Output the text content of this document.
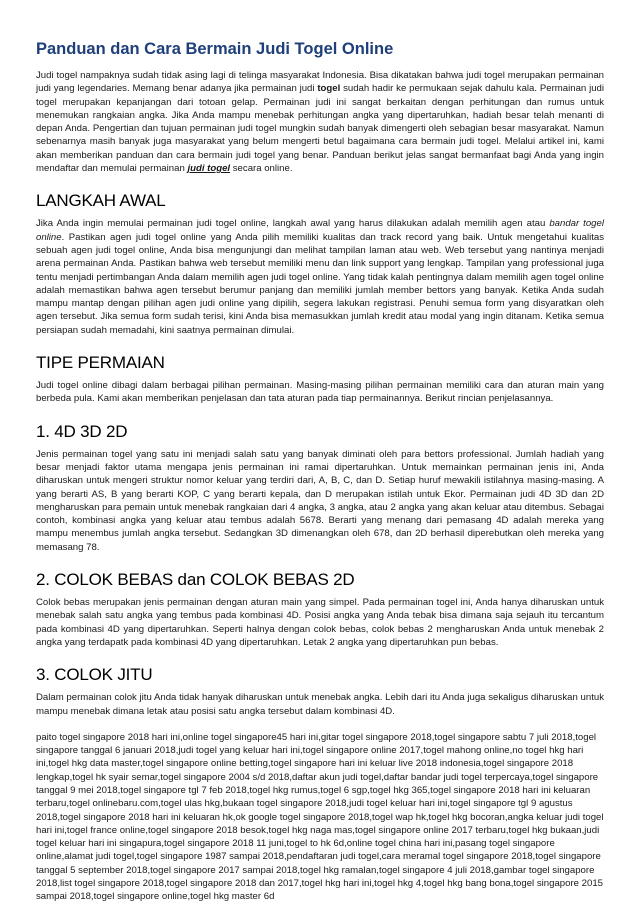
Panduan dan Cara Bermain Judi Togel Online

Judi togel nampaknya sudah tidak asing lagi di telinga masyarakat Indonesia. Bisa dikatakan bahwa judi togel merupakan permainan judi yang legendaries. Memang benar adanya jika permainan judi togel sudah hadir ke permukaan sejak dahulu kala. Permainan judi togel merupakan kepanjangan dari totoan gelap. Permainan judi ini sangat berkaitan dengan perhitungan dan rumus untuk menemukan rangkaian angka. Jika Anda mampu menebak perhitungan angka yang dipertaruhkan, hadiah besar telah menanti di depan Anda. Pengertian dan tujuan permainan judi togel mungkin sudah banyak dimengerti oleh sebagian besar masyarakat. Namun sebenarnya masih banyak juga masyarakat yang belum mengerti betul bagaimana cara bermain judi togel. Melalui artikel ini, kami akan memberikan panduan dan cara bermain judi togel yang benar. Panduan berikut jelas sangat bermanfaat bagi Anda yang ingin mendaftar dan memulai permainan judi togel secara online.

LANGKAH AWAL

Jika Anda ingin memulai permainan judi togel online, langkah awal yang harus dilakukan adalah memilih agen atau bandar togel online. Pastikan agen judi togel online yang Anda pilih memiliki kualitas dan track record yang baik. Untuk mengetahui kualitas sebuah agen judi togel online, Anda bisa mengunjungi dan melihat tampilan laman atau web. Web tersebut yang nantinya menjadi arena permainan Anda. Pastikan bahwa web tersebut memiliki menu dan link support yang lengkap. Tampilan yang professional juga tentu menjadi pertimbangan Anda dalam memilih agen judi togel online. Yang tidak kalah pentingnya dalam memilih agen togel online adalah memastikan bahwa agen tersebut berumur panjang dan memiliki jumlah member bettors yang banyak. Ketika Anda sudah mampu mantap dengan pilihan agen judi online yang dipilih, segera lakukan registrasi. Penuhi semua form yang disyaratkan oleh agen tersebut. Jika semua form sudah terisi, kini Anda bisa memasukkan jumlah kredit atau modal yang ingin ditanam. Ketika semua persiapan sudah memadahi, kini saatnya permainan dimulai.

TIPE PERMAIAN

Judi togel online dibagi dalam berbagai pilihan permainan. Masing-masing pilihan permainan memiliki cara dan aturan main yang berbeda pula. Kami akan memberikan penjelasan dan tata aturan pada tiap permainannya. Berikut rincian penjelasannya.

1. 4D 3D 2D

Jenis permainan togel yang satu ini menjadi salah satu yang banyak diminati oleh para bettors professional. Jumlah hadiah yang besar menjadi faktor utama mengapa jenis permainan ini ramai dipertaruhkan. Untuk memainkan permainan jenis ini, Anda diharuskan untuk mengeri struktur nomor keluar yang terdiri dari, A, B, C, dan D. Setiap huruf mewakili istilahnya masing-masing. A yang berarti AS, B yang berarti KOP, C yang berarti kepala, dan D merupakan istilah untuk Ekor. Permainan judi 4D 3D dan 2D mengharuskan para pemain untuk menebak rangkaian dari 4 angka, 3 angka, atau 2 angka yang akan keluar atau ditembus. Sebagai contoh, kombinasi angka yang keluar atau tembus adalah 5678. Berarti yang menang dari pemasang 4D adalah mereka yang mampu menembus jumlah angka tersebut. Sedangkan 3D dimenangkan oleh 678, dan 2D berhasil diperebutkan oleh mereka yang memasang 78.

2. COLOK BEBAS dan COLOK BEBAS 2D

Colok bebas merupakan jenis permainan dengan aturan main yang simpel. Pada permainan togel ini, Anda hanya diharuskan untuk menebak salah satu angka yang tembus pada kombinasi 4D. Posisi angka yang Anda tebak bisa dimana saja sejauh itu tercantum pada kombinasi 4D yang dipertaruhkan. Seperti halnya dengan colok bebas, colok bebas 2 mengharuskan Anda untuk menebak 2 angka yang terdapatk pada kombinasi 4D yang dipertaruhkan. Letak 2 angka yang dipertaruhkan pun bebas.

3. COLOK JITU

Dalam permainan colok jitu Anda tidak hanyak diharuskan untuk menebak angka. Lebih dari itu Anda juga sekaligus diharuskan untuk mampu menebak dimana letak atau posisi satu angka tersebut dalam kombinasi 4D.

paito togel singapore 2018 hari ini,online togel singapore45 hari ini,gitar togel singapore 2018,togel singapore sabtu 7 juli 2018,togel singapore tanggal 6 januari 2018,judi togel yang keluar hari ini,togel singapore online 2017,togel mahong online,no togel hkg hari ini,togel hkg data master,togel singapore online betting,togel singapore hari ini keluar live 2018 indonesia,togel singapore 2018 lengkap,togel hk syair semar,togel singapore 2004 s/d 2018,daftar akun judi togel,daftar bandar judi togel terpercaya,togel singapore tanggal 9 mei 2018,togel singapore tgl 7 feb 2018,togel hkg rumus,togel 6 sgp,togel hkg 365,togel singapore 2018 hari ini keluaran terbaru,togel onlinebaru.com,togel ulas hkg,bukaan togel singapore 2018,judi togel keluar hari ini,togel singapore tgl 9 agustus 2018,togel singapore 2018 hari ini keluaran hk,ok google togel singapore 2018,togel wap hk,togel hkg bocoran,angka keluar judi togel hari ini,togel france online,togel singapore 2018 besok,togel hkg naga mas,togel singapore online 2017 terbaru,togel hkg bukaan,judi togel keluar hari ini singapura,togel singapore 2018 11 juni,togel to hk 6d,online togel china hari ini,pasang togel singapore online,alamat judi togel,togel singapore 1987 sampai 2018,pendaftaran judi togel,cara meramal togel singapore 2018,togel singapore tanggal 5 september 2018,togel singapore 2017 sampai 2018,togel hkg ramalan,togel singapore 4 juli 2018,gambar togel singapore 2018,list togel singapore 2018,togel singapore 2018 dan 2017,togel hkg hari ini,togel hkg 4,togel hkg bang bona,togel singapore 2015 sampai 2018,togel singapore online,togel hkg master 6d
